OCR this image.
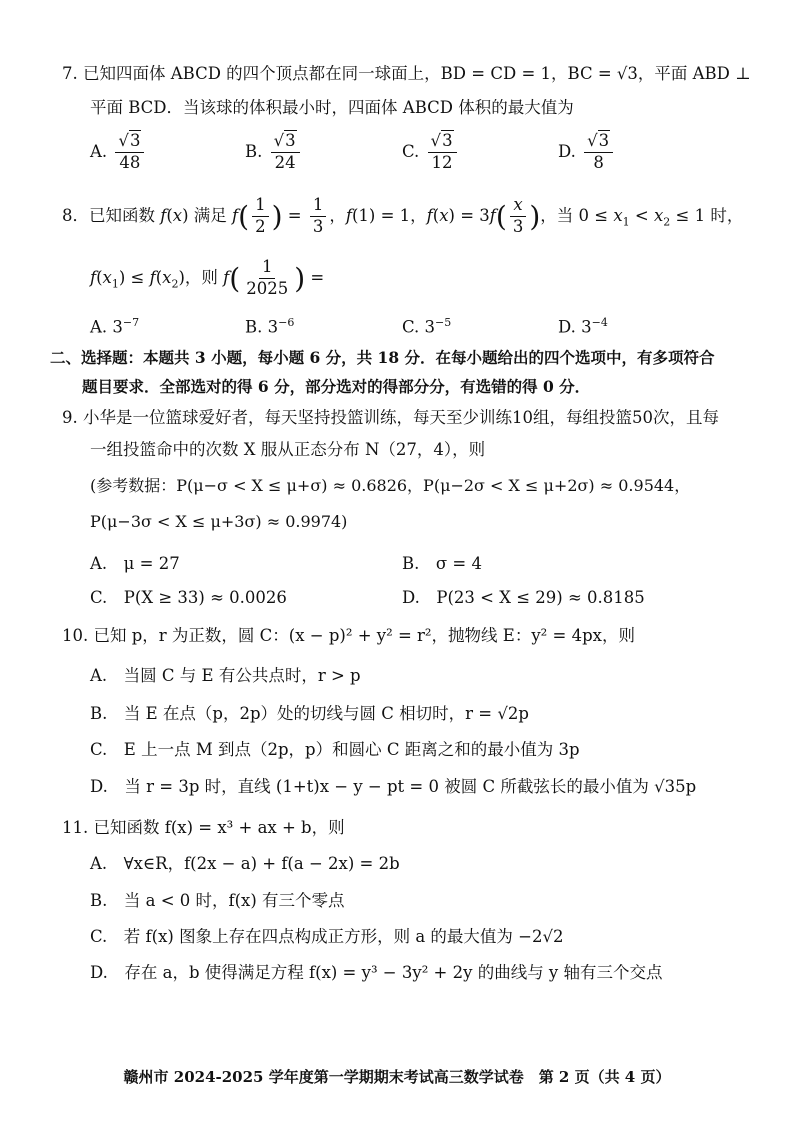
7. 已知四面体 ABCD 的四个顶点都在同一球面上，BD = CD = 1，BC = √3，平面 ABD ⊥
平面 BCD．当该球的体积最小时，四面体 ABCD 体积的最大值为
A. $\frac{√3}{48}$	B. $\frac{√3}{24}$	C. $\frac{√3}{12}$	D. $\frac{√3}{8}$
8．已知函数 f(x) 满足 $f( \frac{1}{2}$ ) = $\frac{1}{3}$ ，f(1) = 1，$f(x) = 3f( \frac{x}{3}$ )，当 $0 \le x_1 < x_2 \le 1$ 时，
$f(x_1) \le f(x_2)$，则 $f( \frac{1}{2025}$ ) =
A. $3^{-7}$	B. $3^{-6}$	C. $3^{-5}$	D. $3^{-4}$
二、选择题：本题共 3 小题，每小题 6 分，共 18 分．在每小题给出的四个选项中，有多项符合
题目要求．全部选对的得 6 分，部分选对的得部分分，有选错的得 0 分．
9. 小华是一位篮球爱好者，每天坚持投篮训练，每天至少训练10组，每组投篮50次，且每
一组投篮命中的次数 X 服从正态分布 N（27，4），则
(参考数据：P(μ−σ < X ≤ μ+σ) ≈ 0.6826，P(μ−2σ < X ≤ μ+2σ) ≈ 0.9544，
P(μ−3σ < X ≤ μ+3σ) ≈ 0.9974)
A.　 μ = 27	B.　 σ = 4
C.　 P(X ≥ 33) ≈ 0.0026	D.　 P(23 < X ≤ 29) ≈ 0.8185
10. 已知 p，r 为正数，圆 C：(x − p)² + y² = r²，抛物线 E：y² = 4px，则
A.　 当圆 C 与 E 有公共点时，r > p
B.　 当 E 在点（p，2p）处的切线与圆 C 相切时，r = √2p
C.　 E 上一点 M 到点（2p，p）和圆心 C 距离之和的最小值为 3p
D.　 当 r = 3p 时，直线 (1+t)x − y − pt = 0 被圆 C 所截弦长的最小值为 √35p
11. 已知函数 f(x) = x³ + ax + b，则
A.　 ∀x∈R，f(2x − a) + f(a − 2x) = 2b
B.　 当 a < 0 时，f(x) 有三个零点
C.　 若 f(x) 图象上存在四点构成正方形，则 a 的最大值为 −2√2
D.　 存在 a，b 使得满足方程 f(x) = y³ − 3y² + 2y 的曲线与 y 轴有三个交点
赣州市 2024-2025 学年度第一学期期末考试高三数学试卷　第 2 页（共 4 页）
